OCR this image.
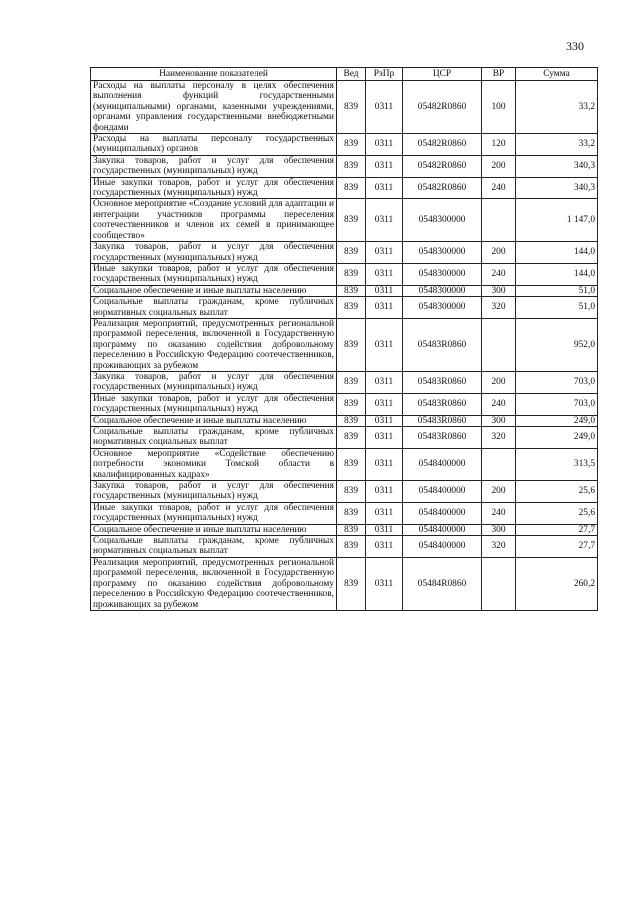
330
Наименование показателей	Вед	РзПр	ЦСР	ВР	Сумма
Расходы на выплаты персоналу в целях обеспечения выполнения функций государственными (муниципальными) органами, казенными учреждениями, органами управления государственными внебюджетными фондами	839	0311	05482R0860	100	33,2
Расходы на выплаты персоналу государственных (муниципальных) органов	839	0311	05482R0860	120	33,2
Закупка товаров, работ и услуг для обеспечения государственных (муниципальных) нужд	839	0311	05482R0860	200	340,3
Иные закупки товаров, работ и услуг для обеспечения государственных (муниципальных) нужд	839	0311	05482R0860	240	340,3
Основное мероприятие «Создание условий для адаптации и интеграции участников программы переселения соотечественников и членов их семей в принимающее сообщество»	839	0311	0548300000		1 147,0
Закупка товаров, работ и услуг для обеспечения государственных (муниципальных) нужд	839	0311	0548300000	200	144,0
Иные закупки товаров, работ и услуг для обеспечения государственных (муниципальных) нужд	839	0311	0548300000	240	144,0
Социальное обеспечение и иные выплаты населению	839	0311	0548300000	300	51,0
Социальные выплаты гражданам, кроме публичных нормативных социальных выплат	839	0311	0548300000	320	51,0
Реализация мероприятий, предусмотренных региональной программой переселения, включенной в Государственную программу по оказанию содействия добровольному переселению в Российскую Федерацию соотечественников, проживающих за рубежом	839	0311	05483R0860		952,0
Закупка товаров, работ и услуг для обеспечения государственных (муниципальных) нужд	839	0311	05483R0860	200	703,0
Иные закупки товаров, работ и услуг для обеспечения государственных (муниципальных) нужд	839	0311	05483R0860	240	703,0
Социальное обеспечение и иные выплаты населению	839	0311	05483R0860	300	249,0
Социальные выплаты гражданам, кроме публичных нормативных социальных выплат	839	0311	05483R0860	320	249,0
Основное мероприятие «Содействие обеспечению потребности экономики Томской области в квалифицированных кадрах»	839	0311	0548400000		313,5
Закупка товаров, работ и услуг для обеспечения государственных (муниципальных) нужд	839	0311	0548400000	200	25,6
Иные закупки товаров, работ и услуг для обеспечения государственных (муниципальных) нужд	839	0311	0548400000	240	25,6
Социальное обеспечение и иные выплаты населению	839	0311	0548400000	300	27,7
Социальные выплаты гражданам, кроме публичных нормативных социальных выплат	839	0311	0548400000	320	27,7
Реализация мероприятий, предусмотренных региональной программой переселения, включенной в Государственную программу по оказанию содействия добровольному переселению в Российскую Федерацию соотечественников, проживающих за рубежом	839	0311	05484R0860		260,2
